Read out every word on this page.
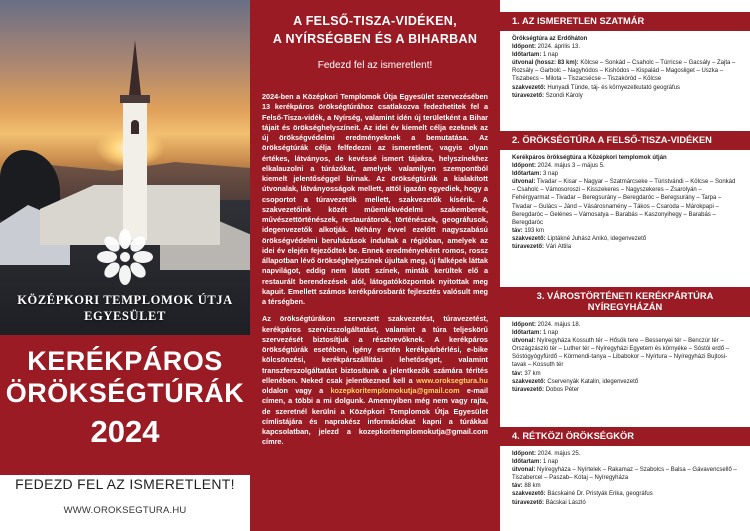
KÖZÉPKORI TEMPLOMOK ÚTJA
EGYESÜLET
KERÉKPÁROS
ÖRÖKSÉGTÚRÁK
2024
FEDEZD FEL AZ ISMERETLENT!
WWW.OROKSEGTURA.HU
A FELSŐ-TISZA-VIDÉKEN,
A NYÍRSÉGBEN ÉS A BIHARBAN
Fedezd fel az ismeretlent!

2024-ben a Középkori Templomok Útja Egyesület szervezésében 13 kerékpáros örökségtúrához csatlakozva fedezhetitek fel a Felső-Tisza-vidék, a Nyírség, valamint idén új területként a Bihar tájait és örökséghelyszíneit. Az idei év kiemelt célja ezeknek az új örökségvédelmi eredményeknek a bemutatása. Az örökségtúrák célja felfedezni az ismeretlent, vagyis olyan értékes, látványos, de kevéssé ismert tájakra, helyszínekhez elkalauzolni a túrázókat, amelyek valamilyen szempontból kiemelt jelentőséggel bírnak. Az örökségtúrák a kialakított útvonalak, látványosságok mellett, attól igazán egyediek, hogy a csoportot a túravezetők mellett, szakvezetők kísérik. A szakvezetőink közét műemlékvédelmi szakemberek, művészettörténészek, restaurátorok, történészek, geográfusok, idegenvezetők alkotják. Néhány évvel ezelőtt nagyszabású örökségvédelmi beruházások indultak a régióban, amelyek az idei év elején fejeződtek be. Ennek eredményeként romos, rossz állapotban lévő örökséghelyszínek újultak meg, új falképek láttak napvilágot, eddig nem látott színek, minták kerültek elő a restaurált berendezések alól, látogatóközpontok nyitottak meg kapuit. Emellett számos kerékpárosbarát fejlesztés valósult meg a térségben.

Az örökségtúrákon szervezett szakvezetést, túravezetést, kerékpáros szervizszolgáltatást, valamint a túra teljeskörű szervezését biztosítjuk a résztvevőknek. A kerékpáros örökségtúrák esetében, igény esetén kerékpárbérlési, e-bike kölcsönzési, kerékpárszállítási lehetőséget, valamint transzferszolgáltatást biztosítunk a jelentkezők számára térítés ellenében. Neked csak jelentkezned kell a www.oroksegtura.hu oldalon vagy a kozepkoritemplomokutja@gmail.com e-mail címen, a többi a mi dolgunk. Amennyiben még nem vagy rajta, de szeretnél kerülni a Középkori Templomok Útja Egyesület címlistájára és naprakész információkat kapni a túrákkal kapcsolatban, jelezd a kozepkoritemplomokutja@gmail.com címre.

1. AZ ISMERETLEN SZATMÁR
Örökségtúra az Erdőháton
Időpont: 2024. április 13.
Időtartam: 1 nap
útvonal (hossz: 83 km): Kölcse – Sonkád – Csaholc – Túrricse – Gacsály – Zajta – Rozsály – Garbolc – Nagyhódos – Kishódos – Kispalád – Magosliget – Uszka – Tiszabecs – Milota – Tiszacsécse – Tiszakóród – Kölcse
szakvezető: Hunyadi Tünde, táj- és környezetkutató geográfus
túravezető: Szondi Károly
2. ÖRÖKSÉGTÚRA A FELSŐ-TISZA-VIDÉKEN
Kerékpáros örökségtúra a Középkori templomok útján
Időpont: 2024. május 3 – május 5.
Időtartam: 3 nap
útvonal: Tivadar – Kisar – Nagyar – Szatmárcseke – Túristvándi – Kölcse – Sonkád – Csaholc – Vámosoroszi – Kisszekeres – Nagyszekeres – Zsarolyán – Fehérgyarmat – Tivadar – Beregsurány – Beregdaróc – Beregsurány – Tarpa – Tivadar – Gulács – Jánd – Vásárosnamény – Tákos – Csaroda – Márokpapi – Beregdaróc – Gelénes – Vámosatya – Barabás – Kaszonyihegy – Barabás – Beregdaróc
táv: 193 km
szakvezető: Liptákné Juhász Anikó, idegenvezető
túravezető: Vári Attila
3. VÁROSTÖRTÉNETI KERÉKPÁRTÚRA NYÍREGYHÁZÁN
Időpont: 2024. május 18.
Időtartam: 1 nap
útvonal: Nyíregyháza Kossuth tér – Hősök tere – Bessenyei tér – Benczúr tér – Országzászló tér – Luther tér – Nyíregyházi Egyetem és környéke – Sóstói erdő – Sóstógyógyfürdő – Körmendi-tanya – Libabokor – Nyírtura – Nyíregyházi Bujtosi-tavak – Kossuth tér
táv: 37 km
szakvezető: Cservenyák Katalin, idegenvezető
túravezető: Dobos Péter
4. RÉTKÖZI ÖRÖKSÉGKÖR
Időpont: 2024. május 25.
Időtartam: 1 nap
útvonal: Nyíregyháza – Nyírtelek – Rakamaz – Szabolcs – Balsa – Gávavencsellő – Tiszabercel – Paszab– Kótaj – Nyíregyháza
táv: 88 km
szakvezető: Bácskainé Dr. Pristyák Erika, geográfus
túravezető: Bácskai László
